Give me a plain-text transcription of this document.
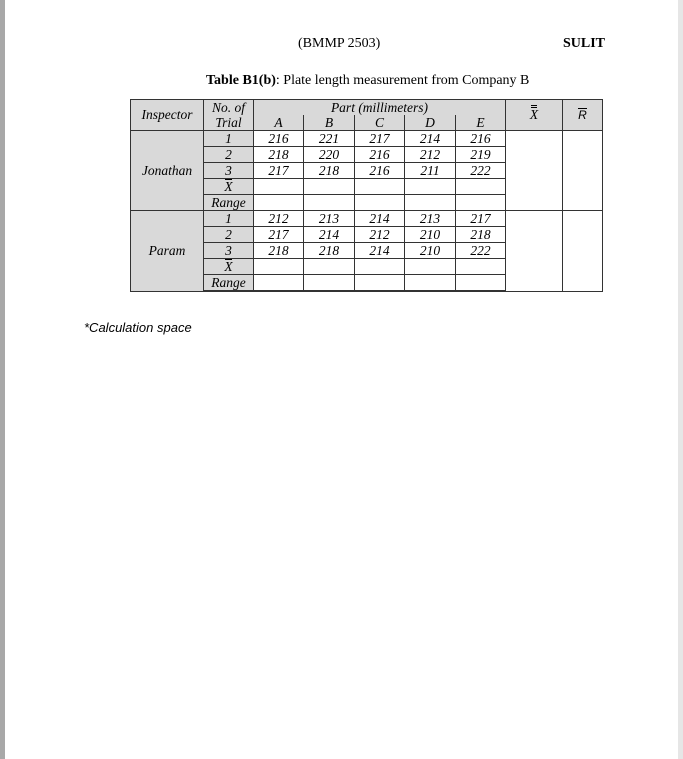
(BMMP 2503)	SULIT
Table B1(b): Plate length measurement from Company B
Inspector	No. of	Part (millimeters)					X	R
	Trial	A	B	C	D	E		
Jonathan	1	216	221	217	214	216		
	2	218	220	216	212	219		
	3	217	218	216	211	222		
	X							
	Range							
Param	1	212	213	214	213	217		
	2	217	214	212	210	218		
	3	218	218	214	210	222		
	X							
	Range							
*Calculation space
